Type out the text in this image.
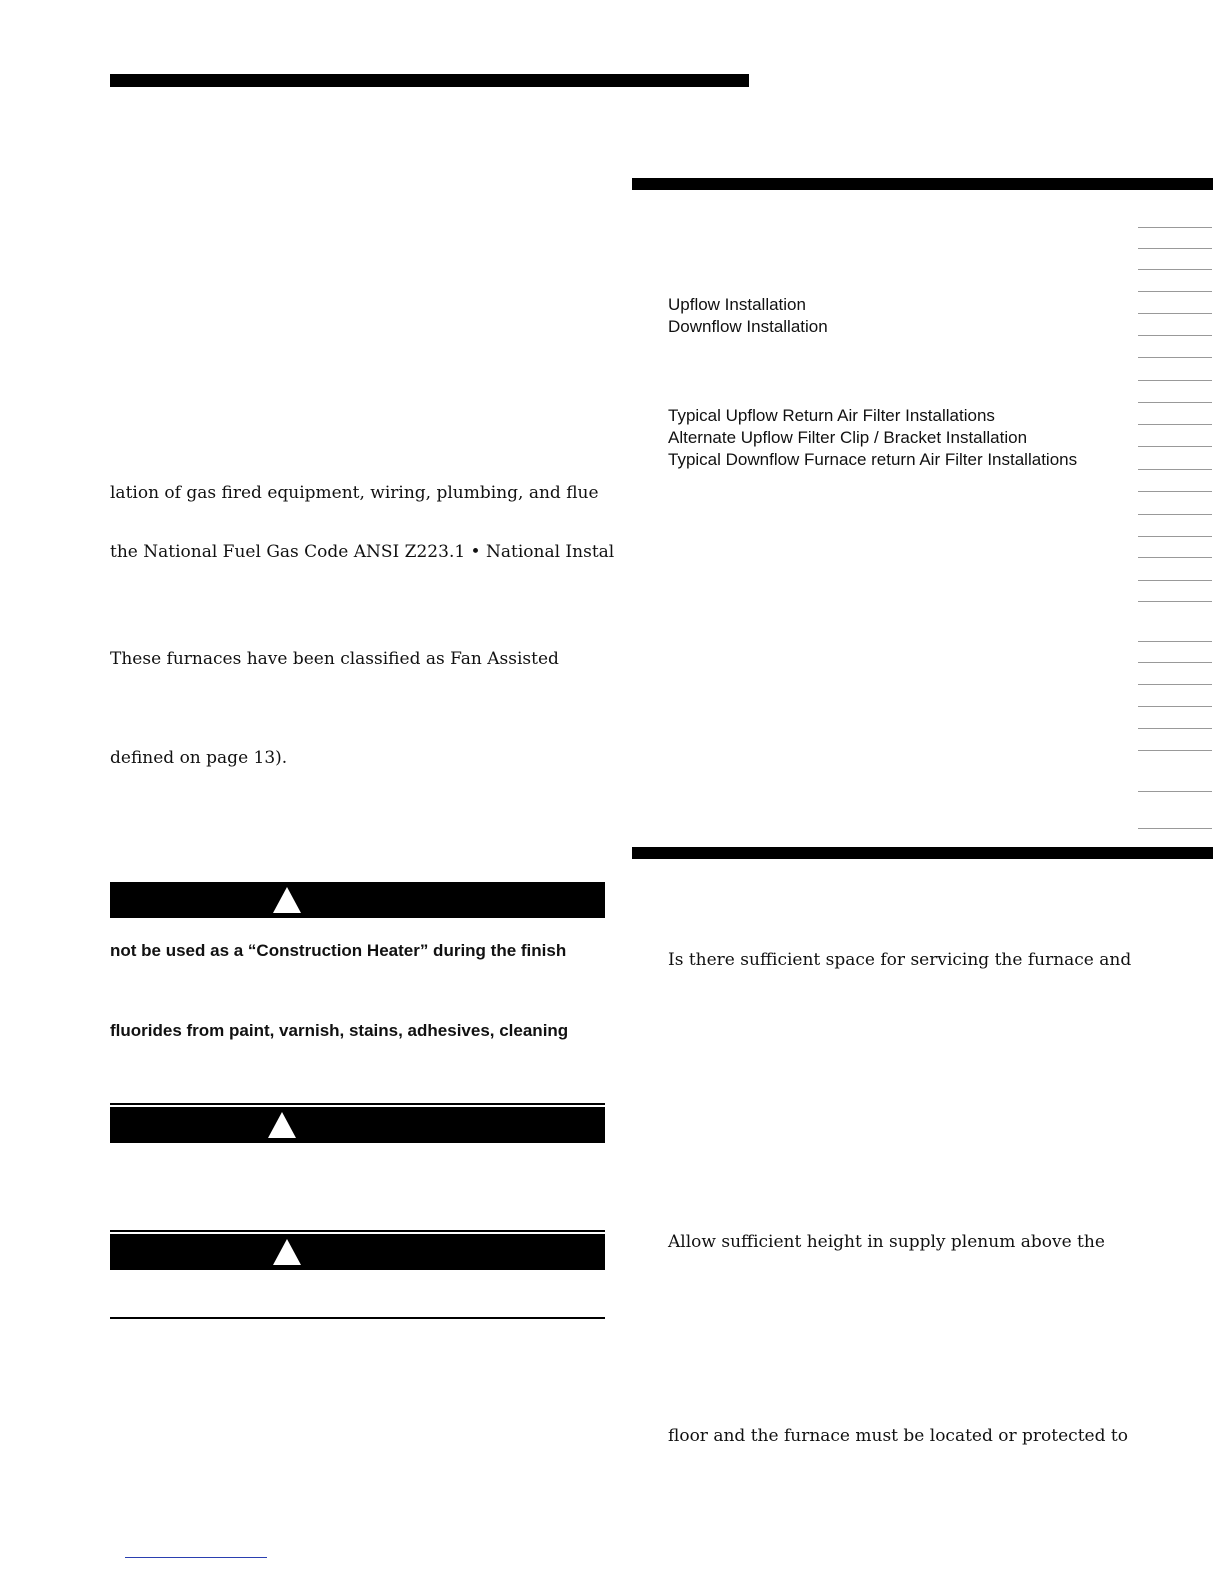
lation of gas fired equipment, wiring, plumbing, and flue
the National Fuel Gas Code ANSI Z223.1 • National Instal
These furnaces have been classified as Fan Assisted
defined on page 13).
not be used as a “Construction Heater” during the finish
fluorides from paint, varnish, stains, adhesives, cleaning
Upflow Installation
Downflow Installation
Typical Upflow Return Air Filter Installations
Alternate Upflow Filter Clip / Bracket Installation
Typical Downflow Furnace return Air Filter Installations
Is there sufficient space for servicing the furnace and
Allow sufficient height in supply plenum above the
floor and the furnace must be located or protected to
